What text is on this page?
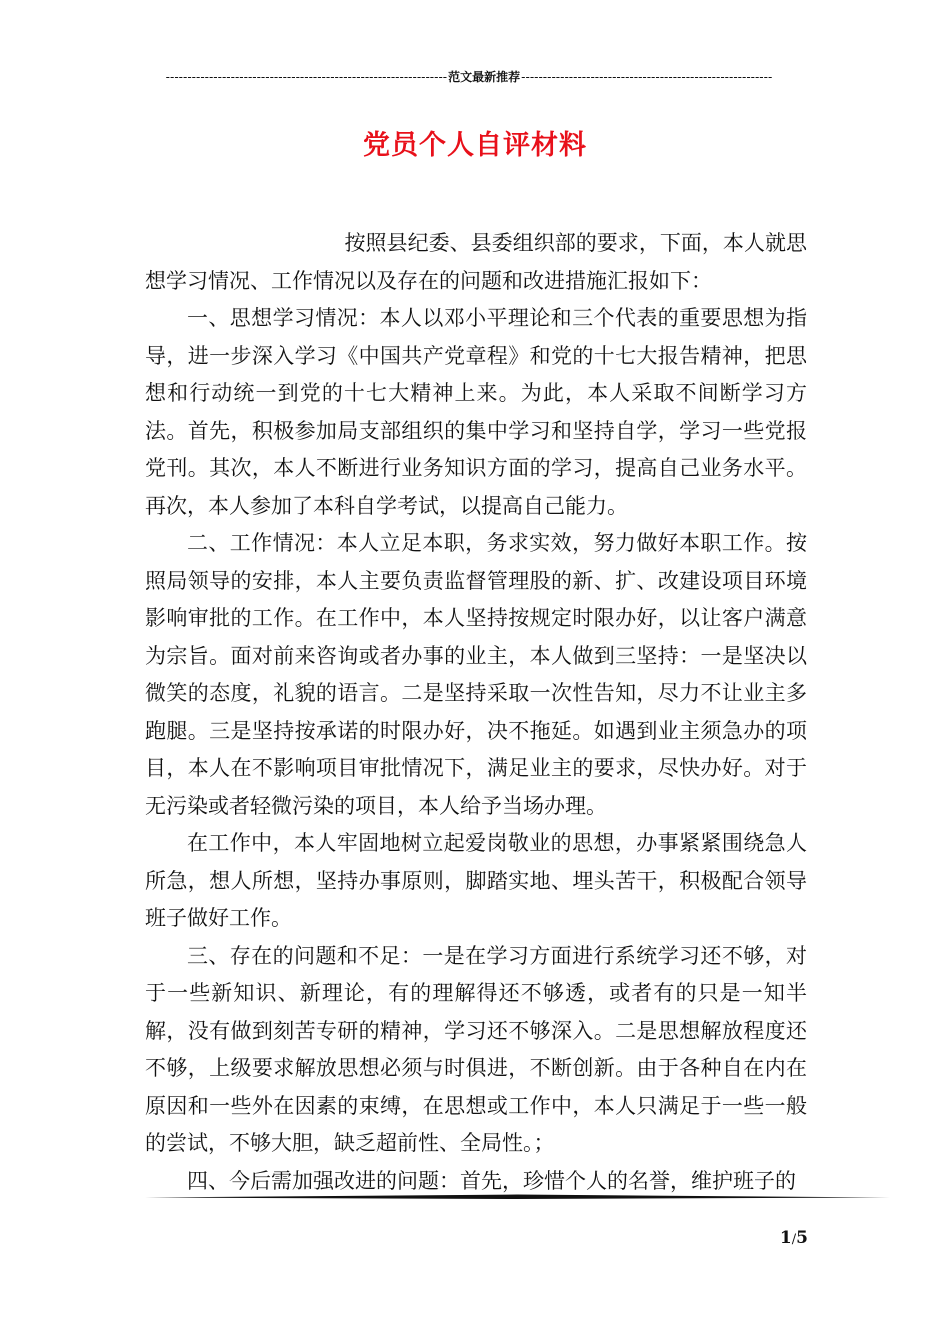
-----------------------------------------------------------------范文最新推荐----------------------------------------------------------
党员个人自评材料

按照县纪委、县委组织部的要求，下面，本人就思想学习情况、工作情况以及存在的问题和改进措施汇报如下：

一、思想学习情况：本人以邓小平理论和三个代表的重要思想为指导，进一步深入学习《中国共产党章程》和党的十七大报告精神，把思想和行动统一到党的十七大精神上来。为此，本人采取不间断学习方法。首先，积极参加局支部组织的集中学习和坚持自学，学习一些党报党刊。其次，本人不断进行业务知识方面的学习，提高自己业务水平。再次，本人参加了本科自学考试，以提高自己能力。

二、工作情况：本人立足本职，务求实效，努力做好本职工作。按照局领导的安排，本人主要负责监督管理股的新、扩、改建设项目环境影响审批的工作。在工作中，本人坚持按规定时限办好，以让客户满意为宗旨。面对前来咨询或者办事的业主，本人做到三坚持：一是坚决以微笑的态度，礼貌的语言。二是坚持采取一次性告知，尽力不让业主多跑腿。三是坚持按承诺的时限办好，决不拖延。如遇到业主须急办的项目，本人在不影响项目审批情况下，满足业主的要求，尽快办好。对于无污染或者轻微污染的项目，本人给予当场办理。

在工作中，本人牢固地树立起爱岗敬业的思想，办事紧紧围绕急人所急，想人所想，坚持办事原则，脚踏实地、埋头苦干，积极配合领导班子做好工作。

三、存在的问题和不足：一是在学习方面进行系统学习还不够，对于一些新知识、新理论，有的理解得还不够透，或者有的只是一知半解，没有做到刻苦专研的精神，学习还不够深入。二是思想解放程度还不够，上级要求解放思想必须与时俱进，不断创新。由于各种自在内在原因和一些外在因素的束缚，在思想或工作中，本人只满足于一些一般的尝试，不够大胆，缺乏超前性、全局性。；

四、今后需加强改进的问题：首先，珍惜个人的名誉，维护班子的

1/5
